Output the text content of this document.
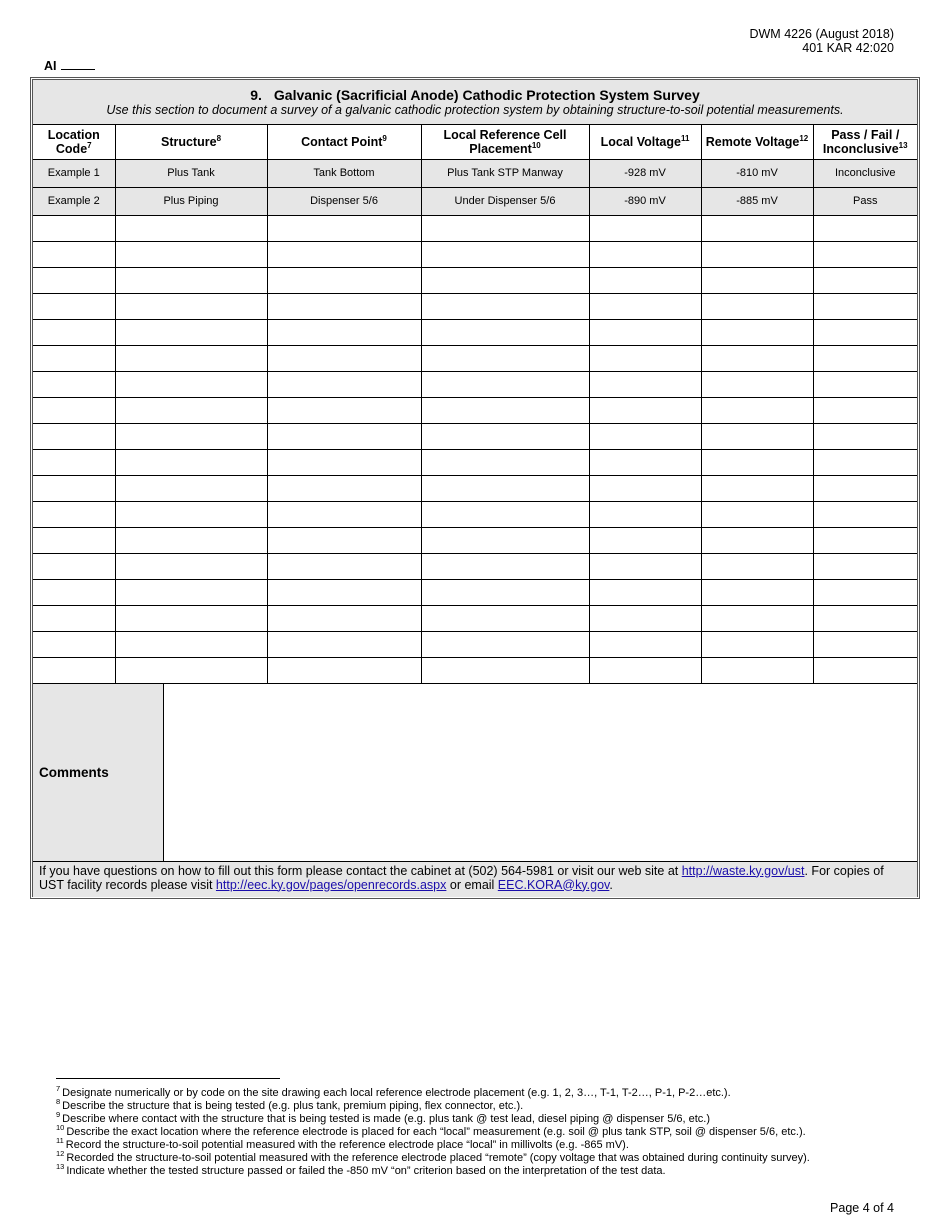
DWM 4226 (August 2018)
401 KAR 42:020
AI
9. Galvanic (Sacrificial Anode) Cathodic Protection System Survey
Use this section to document a survey of a galvanic cathodic protection system by obtaining structure-to-soil potential measurements.
Location Code$^7$	Structure$^8$	Contact Point$^9$	Local Reference Cell Placement$^{10}$	Local Voltage$^{11}$	Remote Voltage$^{12}$	Pass / Fail / Inconclusive$^{13}$
Example 1	Plus Tank	Tank Bottom	Plus Tank STP Manway	-928 mV	-810 mV	Inconclusive
Example 2	Plus Piping	Dispenser 5/6	Under Dispenser 5/6	-890 mV	-885 mV	Pass

Comments
If you have questions on how to fill out this form please contact the cabinet at (502) 564-5981 or visit our web site at http://waste.ky.gov/ust. For copies of UST facility records please visit http://eec.ky.gov/pages/openrecords.aspx or email EEC.KORA@ky.gov.
$^7$ Designate numerically or by code on the site drawing each local reference electrode placement (e.g. 1, 2, 3…, T-1, T-2…, P-1, P-2…etc.).
$^8$ Describe the structure that is being tested (e.g. plus tank, premium piping, flex connector, etc.).
$^9$ Describe where contact with the structure that is being tested is made (e.g. plus tank @ test lead, diesel piping @ dispenser 5/6, etc.)
$^{10}$ Describe the exact location where the reference electrode is placed for each “local” measurement (e.g. soil @ plus tank STP, soil @ dispenser 5/6, etc.).
$^{11}$ Record the structure-to-soil potential measured with the reference electrode place “local” in millivolts (e.g. -865 mV).
$^{12}$ Recorded the structure-to-soil potential measured with the reference electrode placed “remote” (copy voltage that was obtained during continuity survey).
$^{13}$ Indicate whether the tested structure passed or failed the -850 mV “on” criterion based on the interpretation of the test data.
Page 4 of 4
